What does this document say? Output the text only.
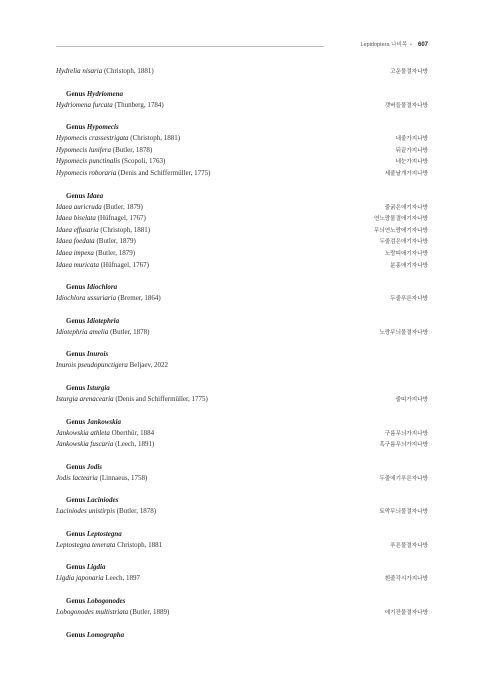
Lepidoptera 나비목 • 607
Hydrelia nisaria (Christoph, 1881)	고운물결자나방
Genus Hydriomena
Hydriomena furcata (Thunberg, 1784)	갯버들물결자나방
Genus Hypomecis
Hypomecis crassestrigata (Christoph, 1881)	네줄가지나방
Hypomecis lunifera (Butler, 1878)	뒤끝가지나방
Hypomecis punctinalis (Scopoli, 1763)	네눈가지나방
Hypomecis roboraria (Denis and Schiffermüller, 1775)	세줄날개가지나방
Genus Idaea
Idaea auricruda (Butler, 1879)	줄굵은애기자나방
Idaea biselata (Hüfnagel, 1767)	연노랑물결애기자나방
Idaea effusaria (Christoph, 1881)	무늬연노랑애기자나방
Idaea foedata (Butler, 1879)	두줄검은애기자나방
Idaea impexa (Butler, 1879)	노랑띠애기자나방
Idaea muricata (Hüfnagel, 1767)	분홍애기자나방
Genus Idiochlora
Idiochlora ussuriaria (Bremer, 1864)	두줄푸른자나방
Genus Idiotephria
Idiotephria amelia (Butler, 1878)	노랑무늬물결자나방
Genus Inurois
Inurois pseudopunctigera Beljaev, 2022
Genus Isturgia
Isturgia arenacearia (Denis and Schiffermüller, 1775)	줄띠가지나방
Genus Jankowskia
Jankowskia athleta Oberthür, 1884	구름무늬가지나방
Jankowskia fuscaria (Leech, 1891)	흑구름무늬가지나방
Genus Jodis
Jodis lactearia (Linnaeus, 1758)	두줄애기푸른자나방
Genus Laciniodes
Laciniodes unistirpis (Butler, 1878)	토막무늬물결자나방
Genus Leptostegna
Leptostegna tenerata Christoph, 1881	푸른물결자나방
Genus Ligdia
Ligdia japonaria Leech, 1897	흰줄각시가지나방
Genus Lobogonodes
Lobogonodes multistriata (Butler, 1889)	애기잔물결자나방
Genus Lomographa
